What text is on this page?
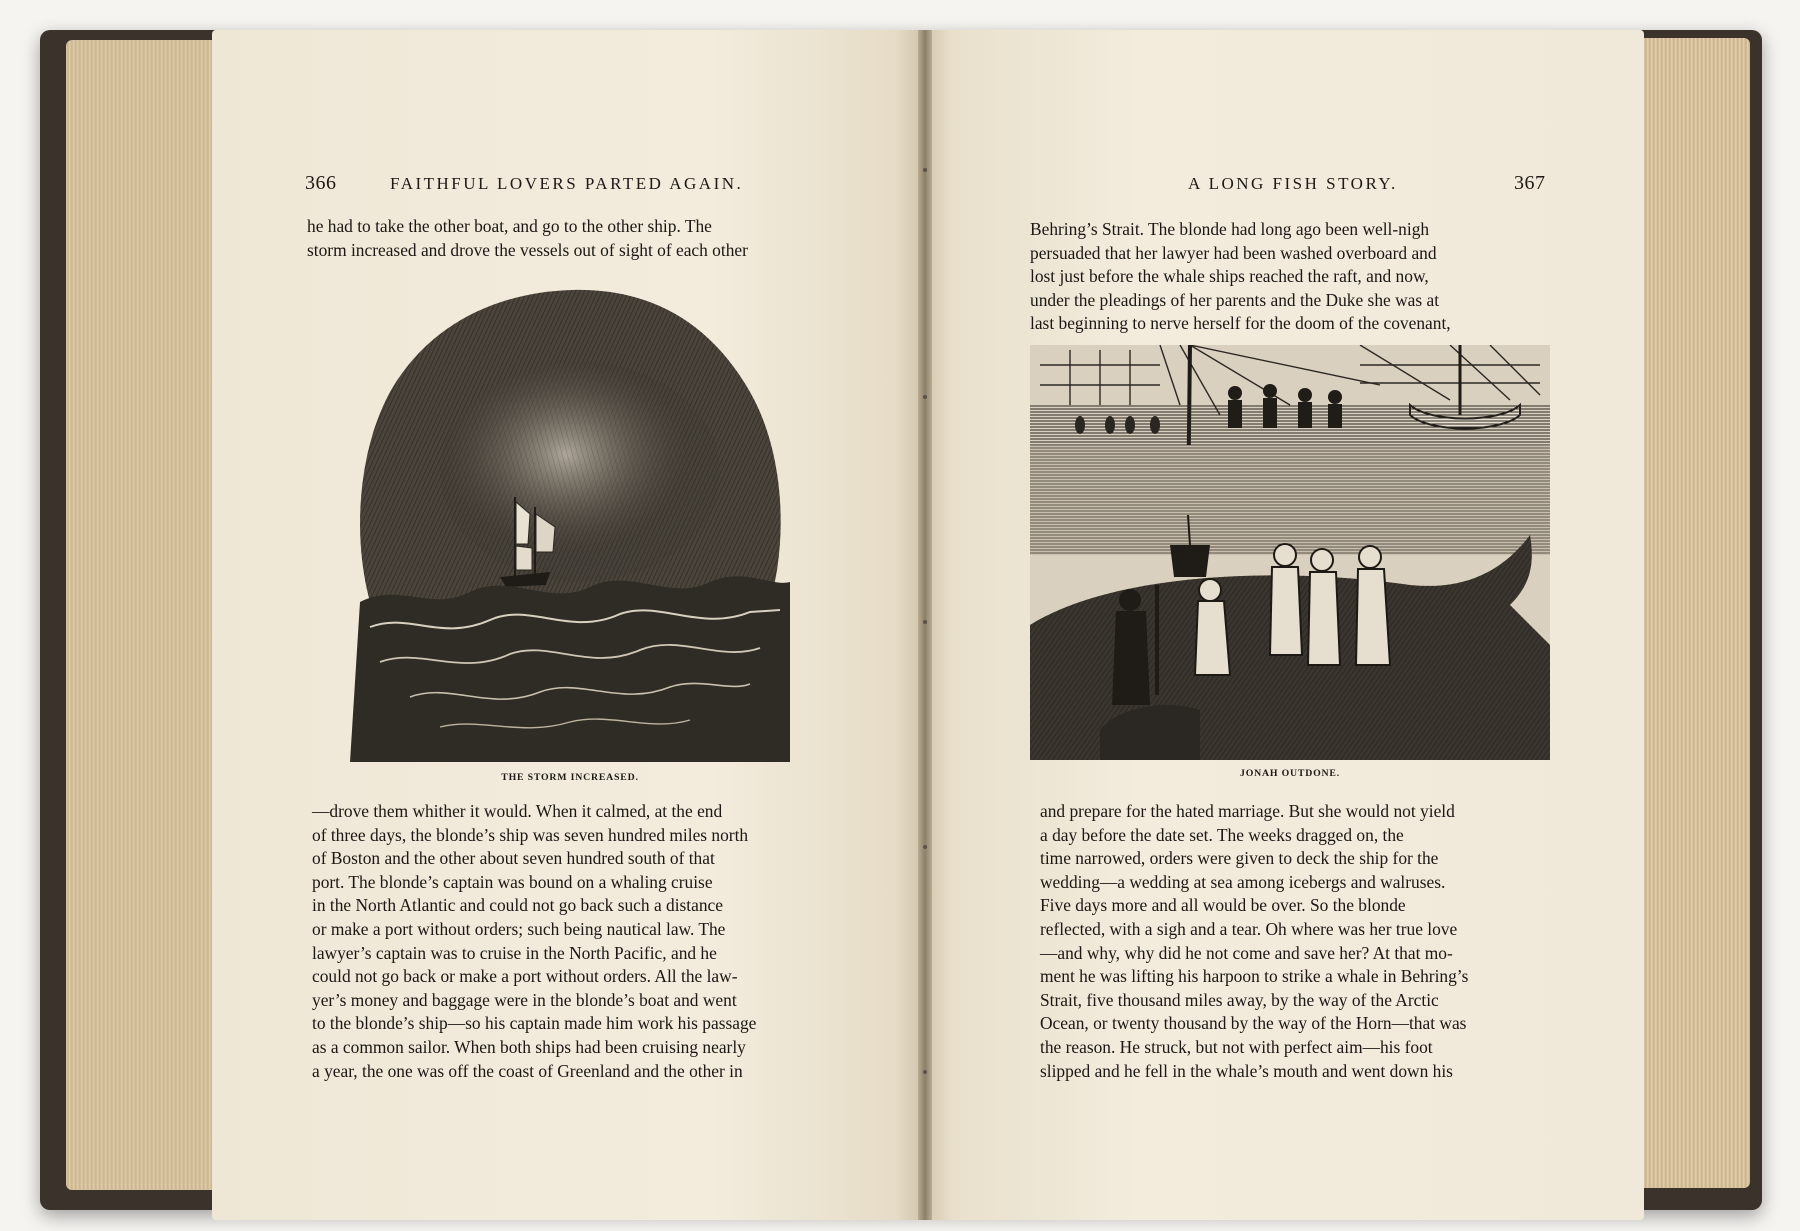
366	FAITHFUL LOVERS PARTED AGAIN.
he had to take the other boat, and go to the other ship. The
storm increased and drove the vessels out of sight of each other
THE STORM INCREASED.
—drove them whither it would. When it calmed, at the end
of three days, the blonde’s ship was seven hundred miles north
of Boston and the other about seven hundred south of that
port. The blonde’s captain was bound on a whaling cruise
in the North Atlantic and could not go back such a distance
or make a port without orders; such being nautical law. The
lawyer’s captain was to cruise in the North Pacific, and he
could not go back or make a port without orders. All the law-
yer’s money and baggage were in the blonde’s boat and went
to the blonde’s ship—so his captain made him work his passage
as a common sailor. When both ships had been cruising nearly
a year, the one was off the coast of Greenland and the other in
A LONG FISH STORY.	367
Behring’s Strait. The blonde had long ago been well-nigh
persuaded that her lawyer had been washed overboard and
lost just before the whale ships reached the raft, and now,
under the pleadings of her parents and the Duke she was at
last beginning to nerve herself for the doom of the covenant,
JONAH OUTDONE.
and prepare for the hated marriage. But she would not yield
a day before the date set. The weeks dragged on, the
time narrowed, orders were given to deck the ship for the
wedding—a wedding at sea among icebergs and walruses.
Five days more and all would be over. So the blonde
reflected, with a sigh and a tear. Oh where was her true love
—and why, why did he not come and save her? At that mo-
ment he was lifting his harpoon to strike a whale in Behring’s
Strait, five thousand miles away, by the way of the Arctic
Ocean, or twenty thousand by the way of the Horn—that was
the reason. He struck, but not with perfect aim—his foot
slipped and he fell in the whale’s mouth and went down his
